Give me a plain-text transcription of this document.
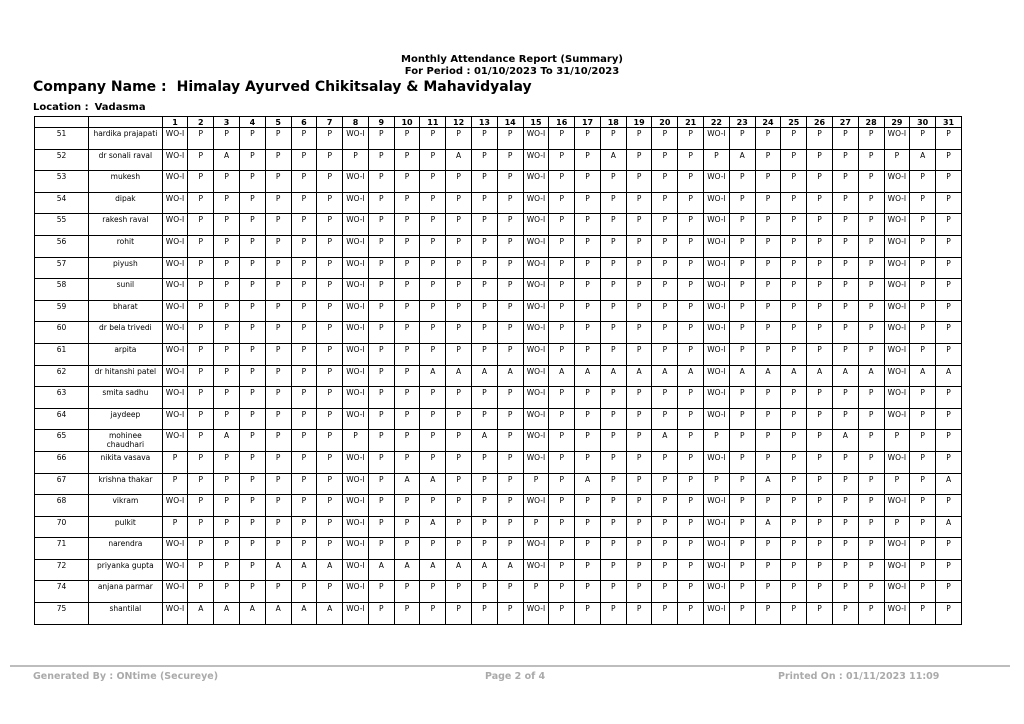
Monthly Attendance Report (Summary)
For Period : 01/10/2023 To 31/10/2023
Company Name : Himalay Ayurved Chikitsalay & Mahavidyalay
Location : Vadasma
		1	2	3	4	5	6	7	8	9	10	11	12	13	14	15	16	17	18	19	20	21	22	23	24	25	26	27	28	29	30	31
51	hardika prajapati	WO-I	P	P	P	P	P	P	WO-I	P	P	P	P	P	P	WO-I	P	P	P	P	P	P	WO-I	P	P	P	P	P	P	WO-I	P	P
52	dr sonali raval	WO-I	P	A	P	P	P	P	P	P	P	P	A	P	P	WO-I	P	P	A	P	P	P	P	A	P	P	P	P	P	P	A	P
53	mukesh	WO-I	P	P	P	P	P	P	WO-I	P	P	P	P	P	P	WO-I	P	P	P	P	P	P	WO-I	P	P	P	P	P	P	WO-I	P	P
54	dipak	WO-I	P	P	P	P	P	P	WO-I	P	P	P	P	P	P	WO-I	P	P	P	P	P	P	WO-I	P	P	P	P	P	P	WO-I	P	P
55	rakesh raval	WO-I	P	P	P	P	P	P	WO-I	P	P	P	P	P	P	WO-I	P	P	P	P	P	P	WO-I	P	P	P	P	P	P	WO-I	P	P
56	rohit	WO-I	P	P	P	P	P	P	WO-I	P	P	P	P	P	P	WO-I	P	P	P	P	P	P	WO-I	P	P	P	P	P	P	WO-I	P	P
57	piyush	WO-I	P	P	P	P	P	P	WO-I	P	P	P	P	P	P	WO-I	P	P	P	P	P	P	WO-I	P	P	P	P	P	P	WO-I	P	P
58	sunil	WO-I	P	P	P	P	P	P	WO-I	P	P	P	P	P	P	WO-I	P	P	P	P	P	P	WO-I	P	P	P	P	P	P	WO-I	P	P
59	bharat	WO-I	P	P	P	P	P	P	WO-I	P	P	P	P	P	P	WO-I	P	P	P	P	P	P	WO-I	P	P	P	P	P	P	WO-I	P	P
60	dr bela trivedi	WO-I	P	P	P	P	P	P	WO-I	P	P	P	P	P	P	WO-I	P	P	P	P	P	P	WO-I	P	P	P	P	P	P	WO-I	P	P
61	arpita	WO-I	P	P	P	P	P	P	WO-I	P	P	P	P	P	P	WO-I	P	P	P	P	P	P	WO-I	P	P	P	P	P	P	WO-I	P	P
62	dr hitanshi patel	WO-I	P	P	P	P	P	P	WO-I	P	P	A	A	A	A	WO-I	A	A	A	A	A	A	WO-I	A	A	A	A	A	A	WO-I	A	A
63	smita sadhu	WO-I	P	P	P	P	P	P	WO-I	P	P	P	P	P	P	WO-I	P	P	P	P	P	P	WO-I	P	P	P	P	P	P	WO-I	P	P
64	jaydeep	WO-I	P	P	P	P	P	P	WO-I	P	P	P	P	P	P	WO-I	P	P	P	P	P	P	WO-I	P	P	P	P	P	P	WO-I	P	P
65	mohinee chaudhari	WO-I	P	A	P	P	P	P	P	P	P	P	P	A	P	WO-I	P	P	P	P	A	P	P	P	P	P	P	A	P	P	P	P
66	nikita vasava	P	P	P	P	P	P	P	WO-I	P	P	P	P	P	P	WO-I	P	P	P	P	P	P	WO-I	P	P	P	P	P	P	WO-I	P	P
67	krishna thakar	P	P	P	P	P	P	P	WO-I	P	A	A	P	P	P	P	P	A	P	P	P	P	P	P	A	P	P	P	P	P	P	A
68	vikram	WO-I	P	P	P	P	P	P	WO-I	P	P	P	P	P	P	WO-I	P	P	P	P	P	P	WO-I	P	P	P	P	P	P	WO-I	P	P
70	pulkit	P	P	P	P	P	P	P	WO-I	P	P	A	P	P	P	P	P	P	P	P	P	P	WO-I	P	A	P	P	P	P	P	P	A
71	narendra	WO-I	P	P	P	P	P	P	WO-I	P	P	P	P	P	P	WO-I	P	P	P	P	P	P	WO-I	P	P	P	P	P	P	WO-I	P	P
72	priyanka gupta	WO-I	P	P	P	A	A	A	WO-I	A	A	A	A	A	A	WO-I	P	P	P	P	P	P	WO-I	P	P	P	P	P	P	WO-I	P	P
74	anjana parmar	WO-I	P	P	P	P	P	P	WO-I	P	P	P	P	P	P	P	P	P	P	P	P	P	WO-I	P	P	P	P	P	P	WO-I	P	P
75	shantilal	WO-I	A	A	A	A	A	A	WO-I	P	P	P	P	P	P	WO-I	P	P	P	P	P	P	WO-I	P	P	P	P	P	P	WO-I	P	P
Generated By : ONtime (Secureye)	Page 2 of 4	Printed On : 01/11/2023 11:09
